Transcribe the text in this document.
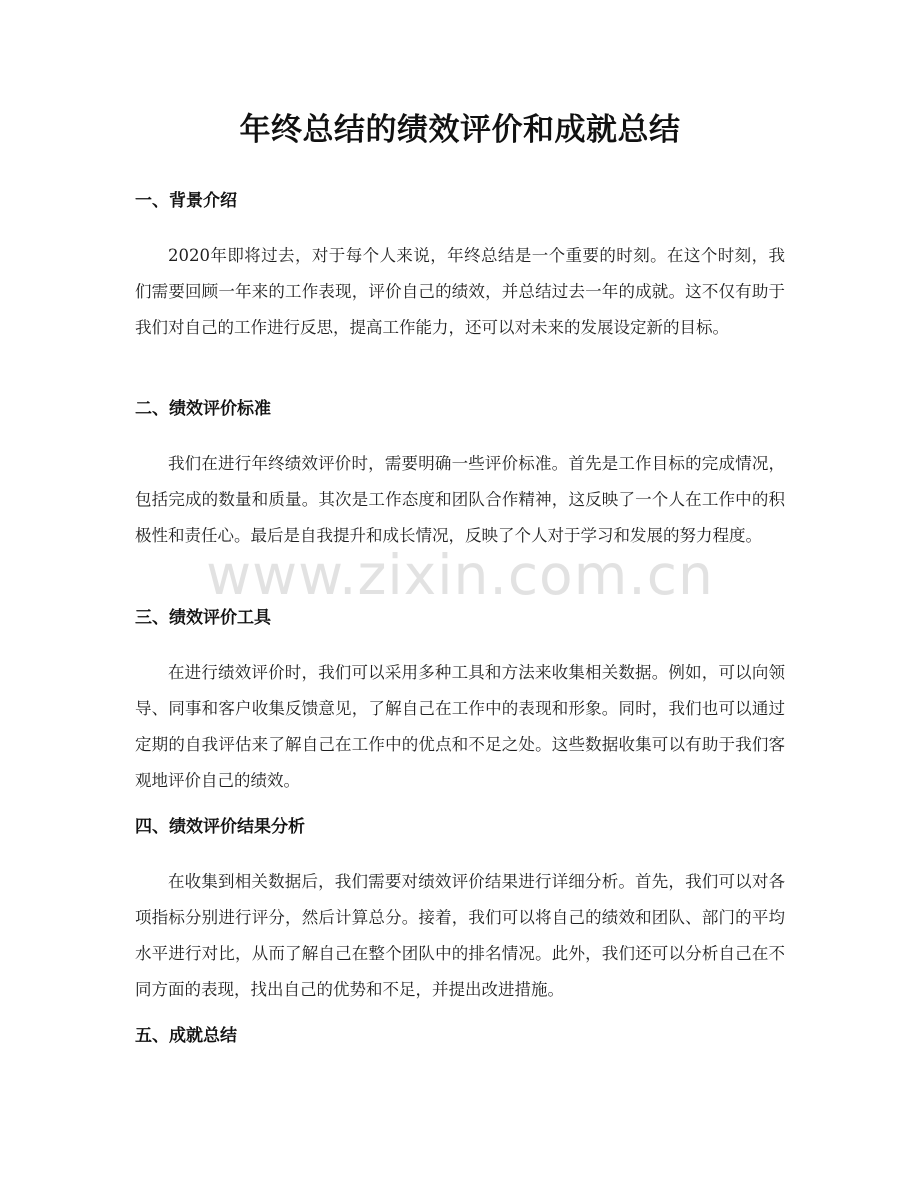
年终总结的绩效评价和成就总结
一、背景介绍

2020年即将过去，对于每个人来说，年终总结是一个重要的时刻。在这个时刻，我们需要回顾一年来的工作表现，评价自己的绩效，并总结过去一年的成就。这不仅有助于我们对自己的工作进行反思，提高工作能力，还可以对未来的发展设定新的目标。

二、绩效评价标准

我们在进行年终绩效评价时，需要明确一些评价标准。首先是工作目标的完成情况，包括完成的数量和质量。其次是工作态度和团队合作精神，这反映了一个人在工作中的积极性和责任心。最后是自我提升和成长情况，反映了个人对于学习和发展的努力程度。

三、绩效评价工具

在进行绩效评价时，我们可以采用多种工具和方法来收集相关数据。例如，可以向领导、同事和客户收集反馈意见，了解自己在工作中的表现和形象。同时，我们也可以通过定期的自我评估来了解自己在工作中的优点和不足之处。这些数据收集可以有助于我们客观地评价自己的绩效。

四、绩效评价结果分析

在收集到相关数据后，我们需要对绩效评价结果进行详细分析。首先，我们可以对各项指标分别进行评分，然后计算总分。接着，我们可以将自己的绩效和团队、部门的平均水平进行对比，从而了解自己在整个团队中的排名情况。此外，我们还可以分析自己在不同方面的表现，找出自己的优势和不足，并提出改进措施。

五、成就总结
www.zixin.com.cn
